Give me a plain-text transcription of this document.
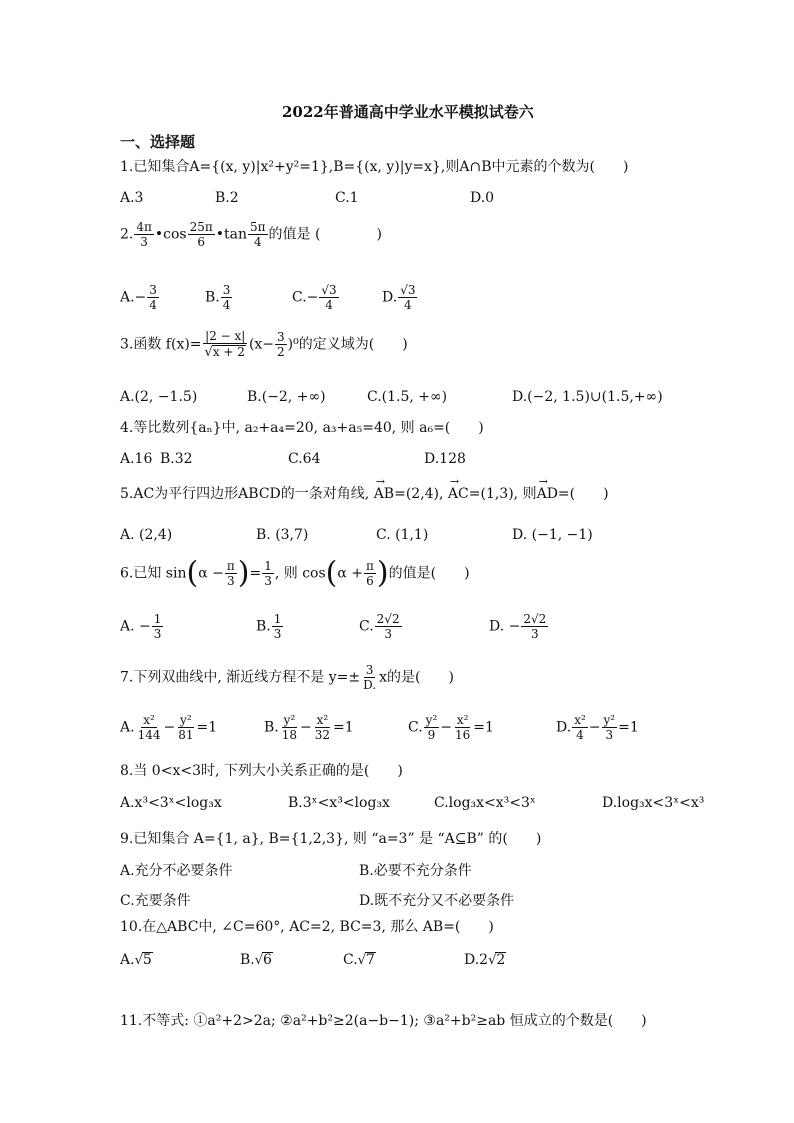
2022年普通高中学业水平模拟试卷六
一、选择题
1.已知集合A={(x, y)|x²+y²=1},B={(x, y)|y=x},则A∩B中元素的个数为(　　)
A.3	B.2	C.1	D.0
2. $\frac{4\pi}{3}$ •cos $\frac{25\pi}{6}$ •tan $\frac{5\pi}{4}$ 的值是 (　　　　)
$A.- \frac{3}{4}$	B. $\frac{3}{4}$	$C.- \frac{√3}{4}$	D. $\frac{√3}{4}$
3.函数 $f(x)= \frac{|2 - x|}{√x + 2} (x- \frac{3}{2} )^0$的定义域为(　　)
A.(2, −1.5)	B.(−2, +∞)	C.(1.5, +∞)	D.(−2, 1.5)∪(1.5,+∞)
4.等比数列{aₙ}中, a₂+a₄=20, a₃+a₅=40, 则 a₆=(　　)
A.16 B.32	C.64	D.128
5.AC为平行四边形ABCD的一条对角线, → AB=(2,4), → AC=(1,3), 则→ AD=(　　)
A. (2,4)	B. (3,7)	C. (1,1)	D. (−1, −1)
6.已知 $\sin(\alpha - \frac{\pi}{3}$ )= $\frac{1}{3}$ , 则 $\cos(\alpha + \frac{\pi}{6}$ )的值是(　　)
A. − $\frac{1}{3}$	B. $\frac{1}{3}$	C. $\frac{2√2}{3}$	D. − $\frac{2√2}{3}$
7.下列双曲线中, 渐近线方程不是 $y=\pm \frac{3}{D.}$ x的是(　　)
A. $\frac{\text{x²}}{144} - \frac{\text{y²}}{81} =1$	B. $\frac{\text{y²}}{18} - \frac{\text{x²}}{32} =1$	C. $\frac{\text{y²}}{9} - \frac{\text{x²}}{16} =1$	D. $\frac{\text{x²}}{4} - \frac{\text{y²}}{3} =1$
8.当 0<x<3时, 下列大小关系正确的是(　　)
A.x³<3ˣ<log₃x	B.3ˣ<x³<log₃x	C.log₃x<x³<3ˣ	D.log₃x<3ˣ<x³
9.已知集合 A={1, a}, B={1,2,3}, 则 “a=3” 是 “A⊆B” 的(　　)
A.充分不必要条件	B.必要不充分条件
C.充要条件	D.既不充分又不必要条件
10.在△ABC中, ∠C=60°, AC=2, BC=3, 那么 AB=(　　)
A.√5	B.√6	C.√7	D.2√2
11.不等式: ①a²+2>2a; ②a²+b²≥2(a−b−1); ③a²+b²≥ab 恒成立的个数是(　　)
